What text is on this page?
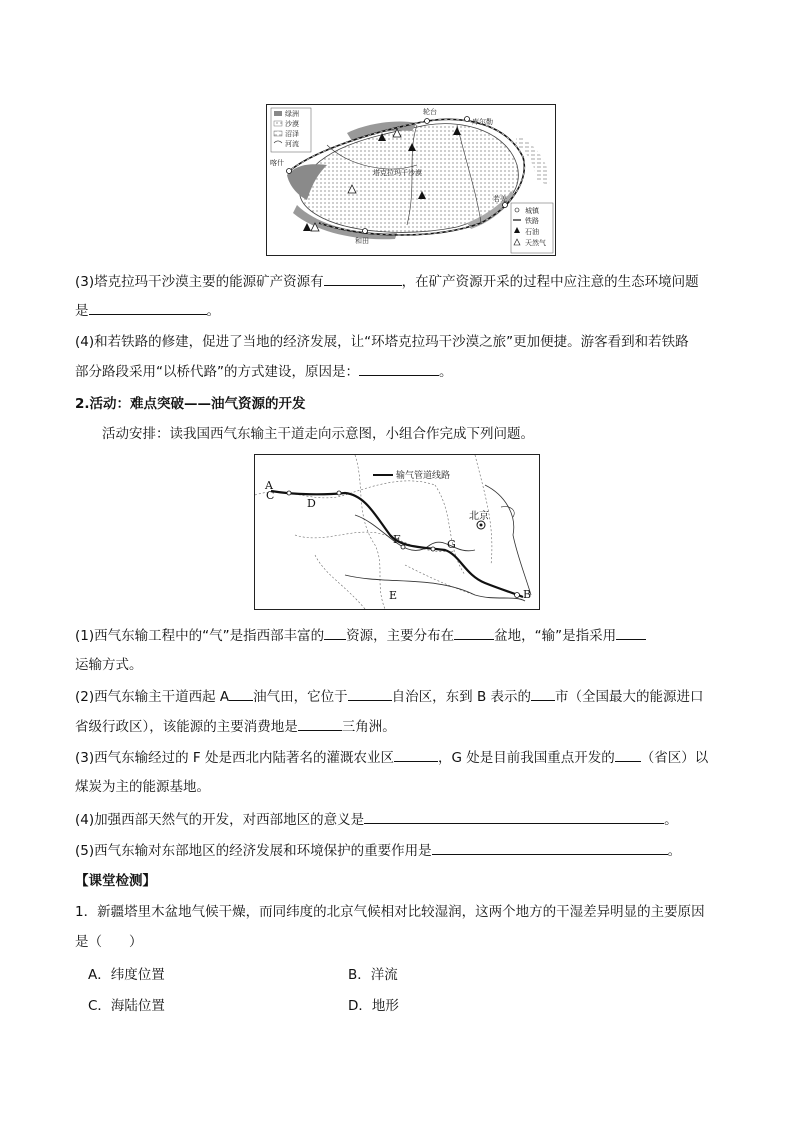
绿洲
沙漠
沼泽
河流
城镇
铁路
石油
天然气
塔克拉玛干沙漠
喀什
轮台
库尔勒
若羌
和田
(3)塔克拉玛干沙漠主要的能源矿产资源有	，在矿产资源开采的过程中应注意的生态环境问题
是	。
(4)和若铁路的修建，促进了当地的经济发展，让“环塔克拉玛干沙漠之旅”更加便捷。游客看到和若铁路
部分路段采用“以桥代路”的方式建设，原因是：	。
2.活动：难点突破——油气资源的开发
活动安排：读我国西气东输主干道走向示意图，小组合作完成下列问题。
输气管道线路
北京
A
C
D
F	G
E	B
(1)西气东输工程中的“气”是指西部丰富的 资源，主要分布在	盆地，“输”是指采用
运输方式。
(2)西气东输主干道西起 A 油气田，它位于	自治区，东到 B 表示的 市（全国最大的能源进口
省级行政区），该能源的主要消费地是	三角洲。
(3)西气东输经过的 F 处是西北内陆著名的灌溉农业区	，G 处是目前我国重点开发的 （省区）以
煤炭为主的能源基地。
(4)加强西部天然气的开发，对西部地区的意义是	。
(5)西气东输对东部地区的经济发展和环境保护的重要作用是	。
【课堂检测】
1．新疆塔里木盆地气候干燥，而同纬度的北京气候相对比较湿润，这两个地方的干湿差异明显的主要原因
是（　　）
A．纬度位置	B．洋流
C．海陆位置	D．地形
